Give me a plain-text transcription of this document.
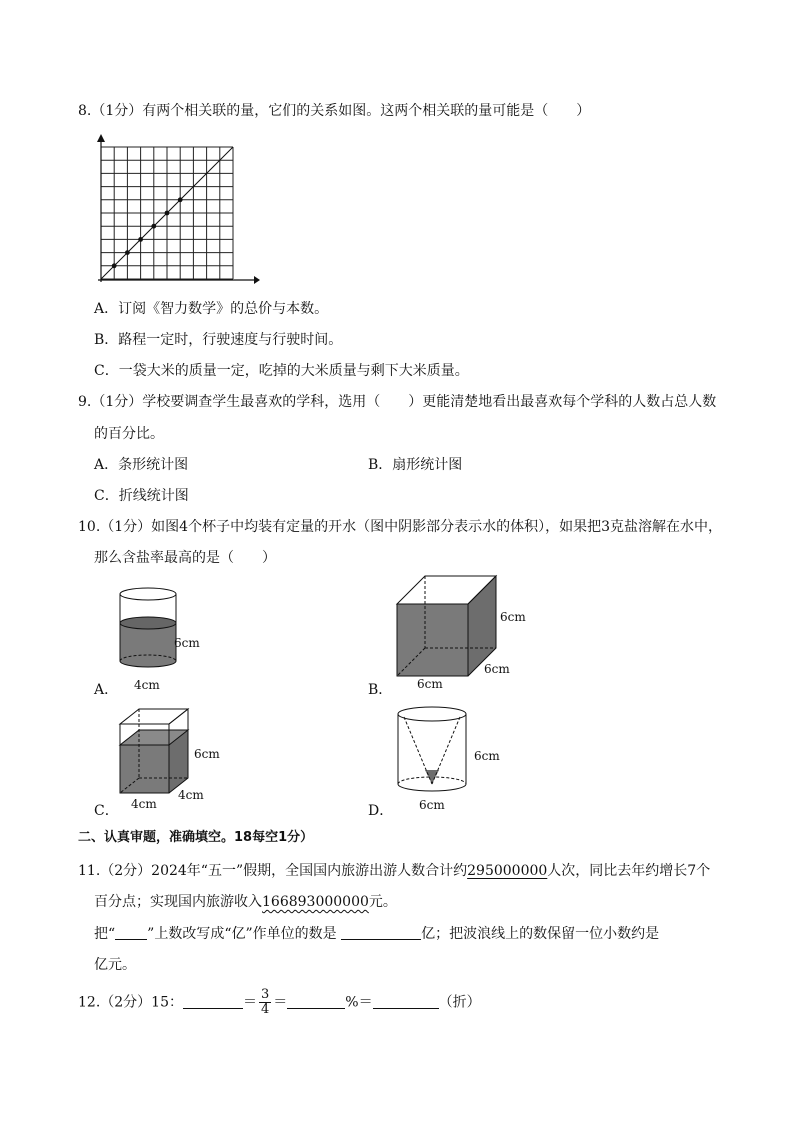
8.（1分）有两个相关联的量，它们的关系如图。这两个相关联的量可能是（　　）
A．订阅《智力数学》的总价与本数。
B．路程一定时，行驶速度与行驶时间。
C．一袋大米的质量一定，吃掉的大米质量与剩下大米质量。
9.（1分）学校要调查学生最喜欢的学科，选用（　　）更能清楚地看出最喜欢每个学科的人数占总人数
的百分比。
A．条形统计图	B．扇形统计图
C．折线统计图
10.（1分）如图4个杯子中均装有定量的开水（图中阴影部分表示水的体积），如果把3克盐溶解在水中，
那么含盐率最高的是（　　）
A．
6cm
4cm	B．
6cm
6cm
6cm
C．
6cm
4cm
4cm
D．
6cm
6cm
二、认真审题，准确填空。18每空1分）
11.（2分）2024年“五一”假期，全国国内旅游出游人数合计约295000000人次，同比去年约增长7个
百分点；实现国内旅游收入166893000000元。
把“ ”上数改写成“亿”作单位的数是	亿；把波浪线上的数保留一位小数约是
亿元。
12.（2分）15：	＝ $\frac{3}{4}$ ＝	%＝	（折）
